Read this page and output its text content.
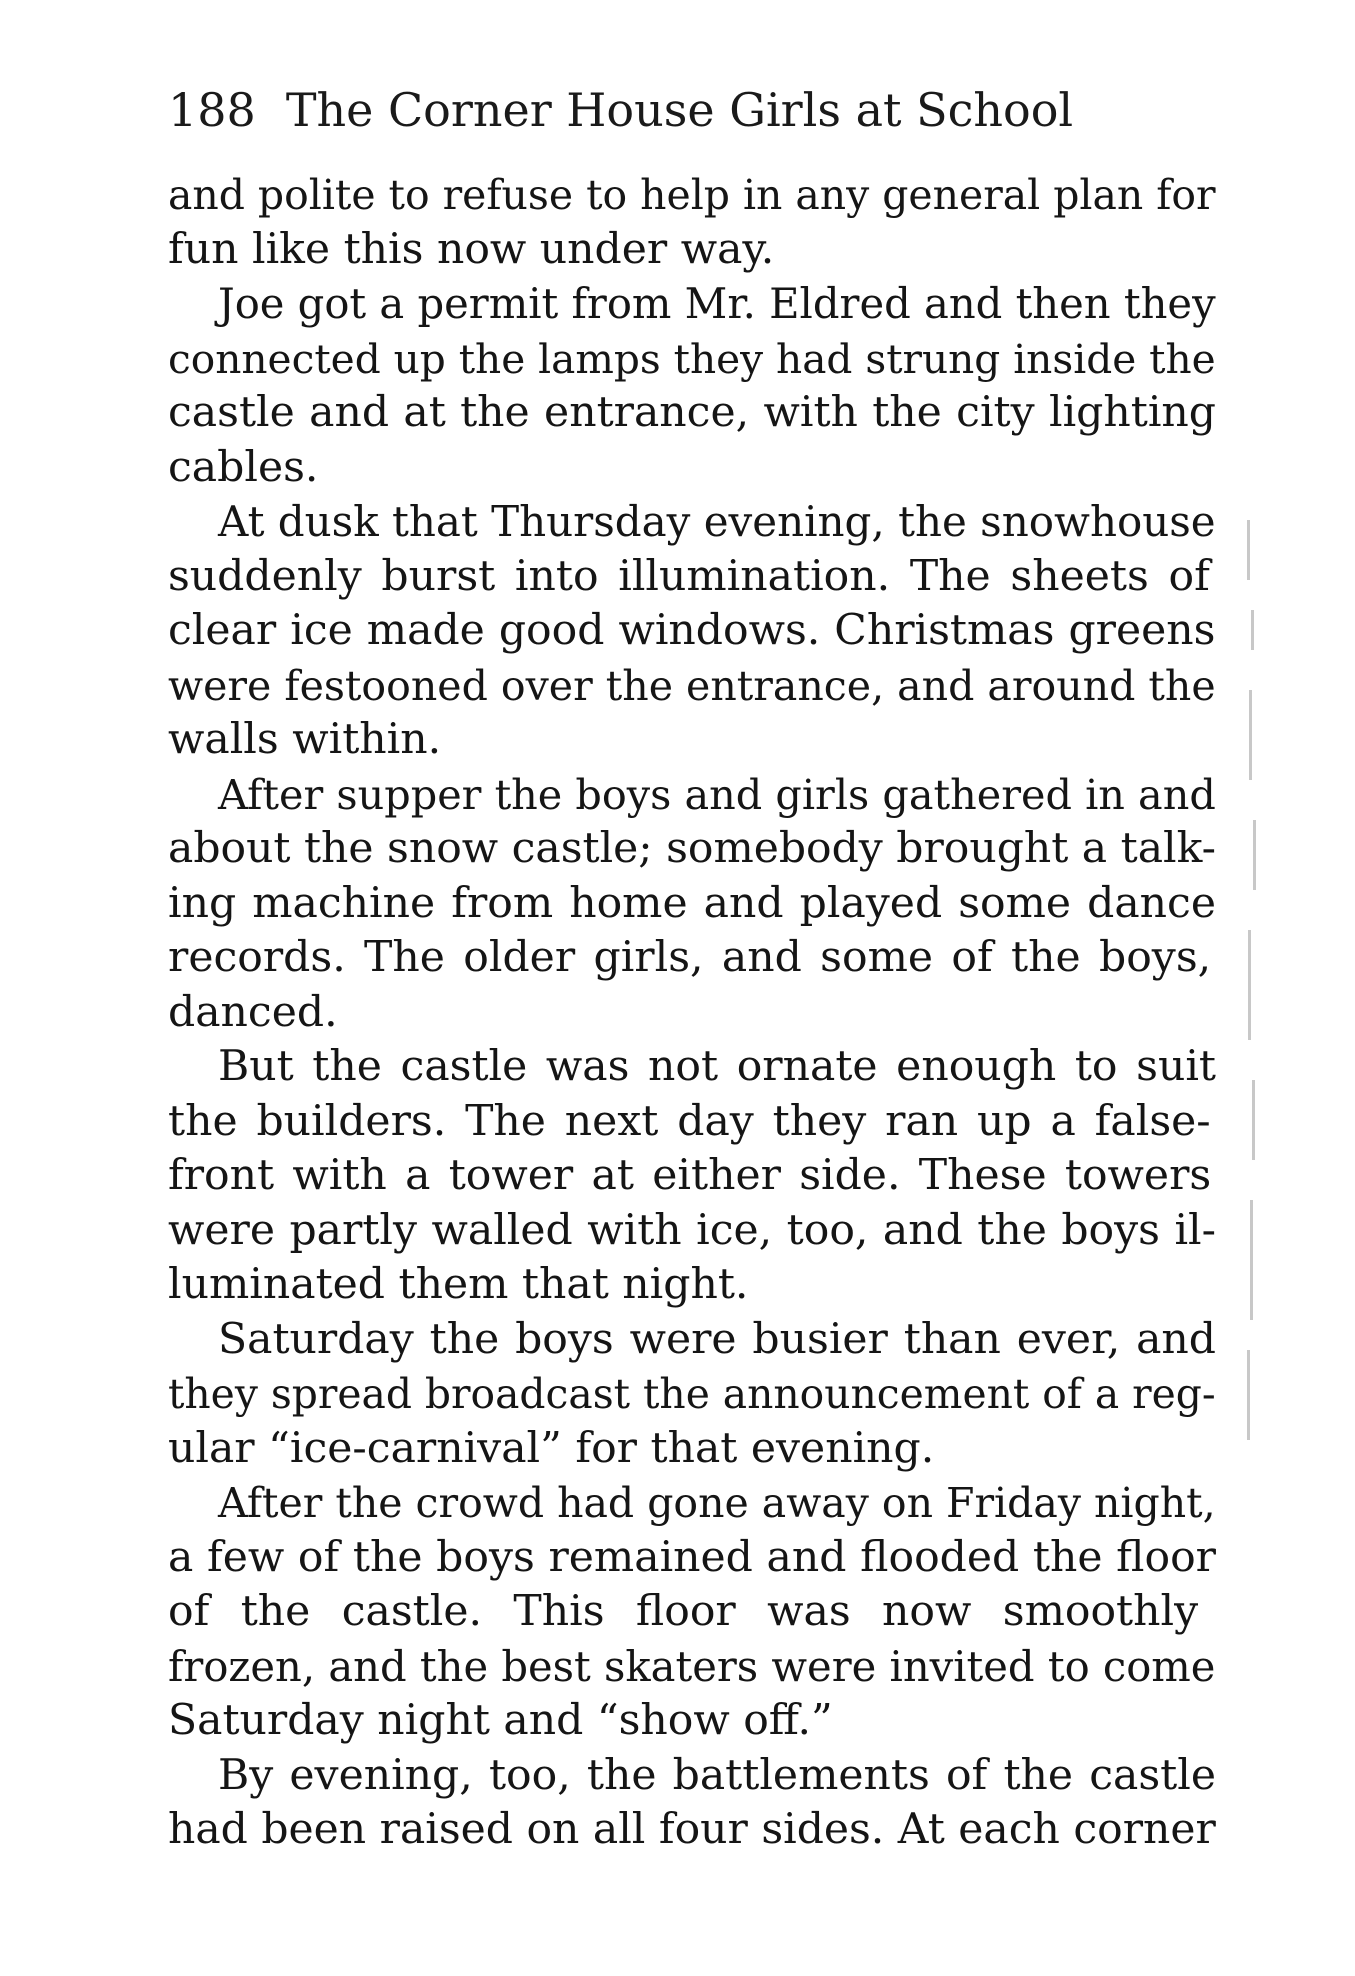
188 The Corner House Girls at School
and polite to refuse to help in any general plan for
fun like this now under way.
Joe got a permit from Mr. Eldred and then they
connected up the lamps they had strung inside the
castle and at the entrance, with the city lighting
cables.
At dusk that Thursday evening, the snowhouse
suddenly burst into illumination. The sheets of
clear ice made good windows. Christmas greens
were festooned over the entrance, and around the
walls within.
After supper the boys and girls gathered in and
about the snow castle; somebody brought a talk-
ing machine from home and played some dance
records. The older girls, and some of the boys,
danced.
But the castle was not ornate enough to suit
the builders. The next day they ran up a false-
front with a tower at either side. These towers
were partly walled with ice, too, and the boys il-
luminated them that night.
Saturday the boys were busier than ever, and
they spread broadcast the announcement of a reg-
ular “ice-carnival” for that evening.
After the crowd had gone away on Friday night,
a few of the boys remained and flooded the floor
of the castle. This floor was now smoothly
frozen, and the best skaters were invited to come
Saturday night and “show off.”
By evening, too, the battlements of the castle
had been raised on all four sides. At each corner
